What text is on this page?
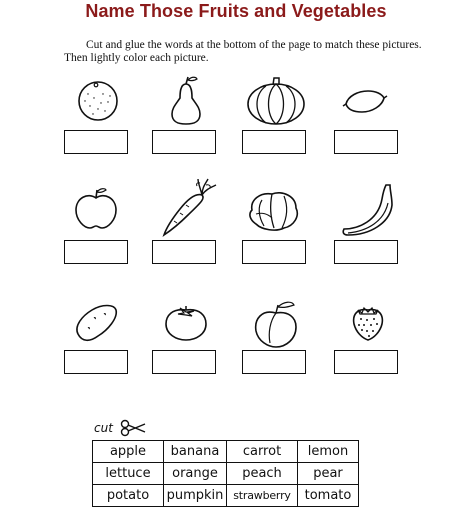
Name Those Fruits and Vegetables
Cut and glue the words at the bottom of the page to match these pictures. Then lightly color each picture.
cut
apple	banana	carrot	lemon
lettuce	orange	peach	pear
potato	pumpkin	strawberry	tomato
